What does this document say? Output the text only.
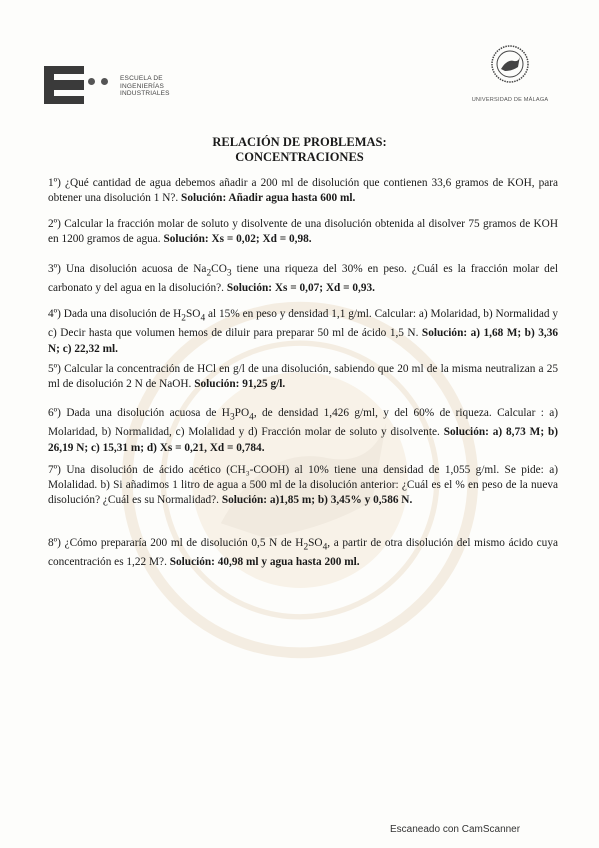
ESCUELA DE
INGENIERÍAS
INDUSTRIALES
UNIVERSIDAD DE MÁLAGA
RELACIÓN DE PROBLEMAS:
CONCENTRACIONES
1º) ¿Qué cantidad de agua debemos añadir a 200 ml de disolución que contienen 33,6 gramos de KOH, para obtener una disolución 1 N?. Solución: Añadir agua hasta 600 ml.
2º) Calcular la fracción molar de soluto y disolvente de una disolución obtenida al disolver 75 gramos de KOH en 1200 gramos de agua. Solución: Xs = 0,02; Xd = 0,98.
3º) Una disolución acuosa de $Na_2CO_3$ tiene una riqueza del 30% en peso. ¿Cuál es la fracción molar del carbonato y del agua en la disolución?. Solución: Xs = 0,07; Xd = 0,93.
4º) Dada una disolución de $H_2SO_4$ al 15% en peso y densidad 1,1 g/ml. Calcular: a) Molaridad, b) Normalidad y c) Decir hasta que volumen hemos de diluir para preparar 50 ml de ácido 1,5 N. Solución: a) 1,68 M; b) 3,36 N; c) 22,32 ml.
5º) Calcular la concentración de HCl en g/l de una disolución, sabiendo que 20 ml de la misma neutralizan a 25 ml de disolución 2 N de NaOH. Solución: 91,25 g/l.
6º) Dada una disolución acuosa de $H_3PO_4$, de densidad 1,426 g/ml, y del 60% de riqueza. Calcular : a) Molaridad, b) Normalidad, c) Molalidad y d) Fracción molar de soluto y disolvente. Solución: a) 8,73 M; b) 26,19 N; c) 15,31 m; d) Xs = 0,21, Xd = 0,784.
7º) Una disolución de ácido acético (CH₃-COOH) al 10% tiene una densidad de 1,055 g/ml. Se pide: a) Molalidad. b) Si añadimos 1 litro de agua a 500 ml de la disolución anterior: ¿Cuál es el % en peso de la nueva disolución? ¿Cuál es su Normalidad?. Solución: a)1,85 m; b) 3,45% y 0,586 N.
8º) ¿Cómo prepararía 200 ml de disolución 0,5 N de $H_2SO_4$, a partir de otra disolución del mismo ácido cuya concentración es 1,22 M?. Solución: 40,98 ml y agua hasta 200 ml.
Escaneado con CamScanner
